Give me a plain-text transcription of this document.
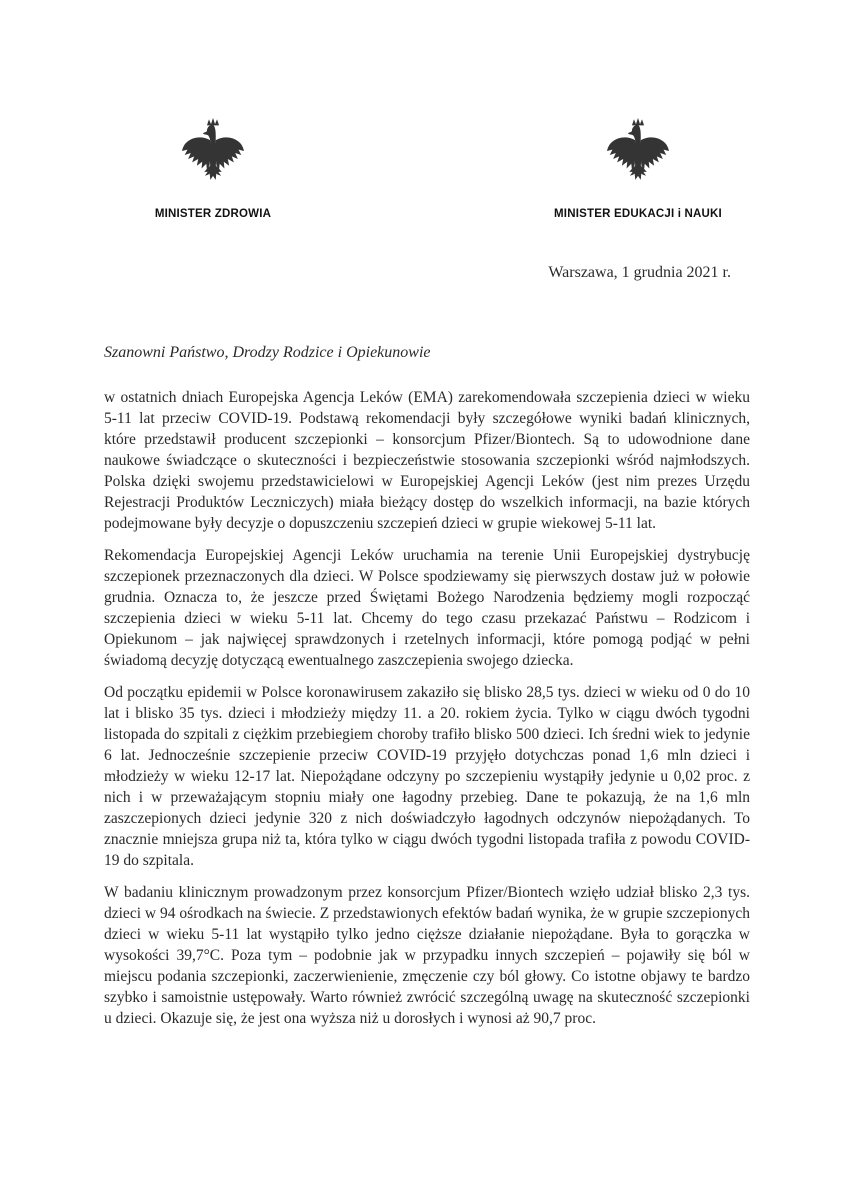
MINISTER ZDROWIA	MINISTER EDUKACJI i NAUKI
Warszawa, 1 grudnia 2021 r.

Szanowni Państwo, Drodzy Rodzice i Opiekunowie

w ostatnich dniach Europejska Agencja Leków (EMA) zarekomendowała szczepienia dzieci w wieku 5-11 lat przeciw COVID-19. Podstawą rekomendacji były szczegółowe wyniki badań klinicznych, które przedstawił producent szczepionki – konsorcjum Pfizer/Biontech. Są to udowodnione dane naukowe świadczące o skuteczności i bezpieczeństwie stosowania szczepionki wśród najmłodszych. Polska dzięki swojemu przedstawicielowi w Europejskiej Agencji Leków (jest nim prezes Urzędu Rejestracji Produktów Leczniczych) miała bieżący dostęp do wszelkich informacji, na bazie których podejmowane były decyzje o dopuszczeniu szczepień dzieci w grupie wiekowej 5-11 lat.

Rekomendacja Europejskiej Agencji Leków uruchamia na terenie Unii Europejskiej dystrybucję szczepionek przeznaczonych dla dzieci. W Polsce spodziewamy się pierwszych dostaw już w połowie grudnia. Oznacza to, że jeszcze przed Świętami Bożego Narodzenia będziemy mogli rozpocząć szczepienia dzieci w wieku 5-11 lat. Chcemy do tego czasu przekazać Państwu – Rodzicom i Opiekunom – jak najwięcej sprawdzonych i rzetelnych informacji, które pomogą podjąć w pełni świadomą decyzję dotyczącą ewentualnego zaszczepienia swojego dziecka.

Od początku epidemii w Polsce koronawirusem zakaziło się blisko 28,5 tys. dzieci w wieku od 0 do 10 lat i blisko 35 tys. dzieci i młodzieży między 11. a 20. rokiem życia. Tylko w ciągu dwóch tygodni listopada do szpitali z ciężkim przebiegiem choroby trafiło blisko 500 dzieci. Ich średni wiek to jedynie 6 lat. Jednocześnie szczepienie przeciw COVID-19 przyjęło dotychczas ponad 1,6 mln dzieci i młodzieży w wieku 12-17 lat. Niepożądane odczyny po szczepieniu wystąpiły jedynie u 0,02 proc. z nich i w przeważającym stopniu miały one łagodny przebieg. Dane te pokazują, że na 1,6 mln zaszczepionych dzieci jedynie 320 z nich doświadczyło łagodnych odczynów niepożądanych. To znacznie mniejsza grupa niż ta, która tylko w ciągu dwóch tygodni listopada trafiła z powodu COVID-19 do szpitala.

W badaniu klinicznym prowadzonym przez konsorcjum Pfizer/Biontech wzięło udział blisko 2,3 tys. dzieci w 94 ośrodkach na świecie. Z przedstawionych efektów badań wynika, że w grupie szczepionych dzieci w wieku 5-11 lat wystąpiło tylko jedno cięższe działanie niepożądane. Była to gorączka w wysokości 39,7°C. Poza tym – podobnie jak w przypadku innych szczepień – pojawiły się ból w miejscu podania szczepionki, zaczerwienienie, zmęczenie czy ból głowy. Co istotne objawy te bardzo szybko i samoistnie ustępowały. Warto również zwrócić szczególną uwagę na skuteczność szczepionki u dzieci. Okazuje się, że jest ona wyższa niż u dorosłych i wynosi aż 90,7 proc.
